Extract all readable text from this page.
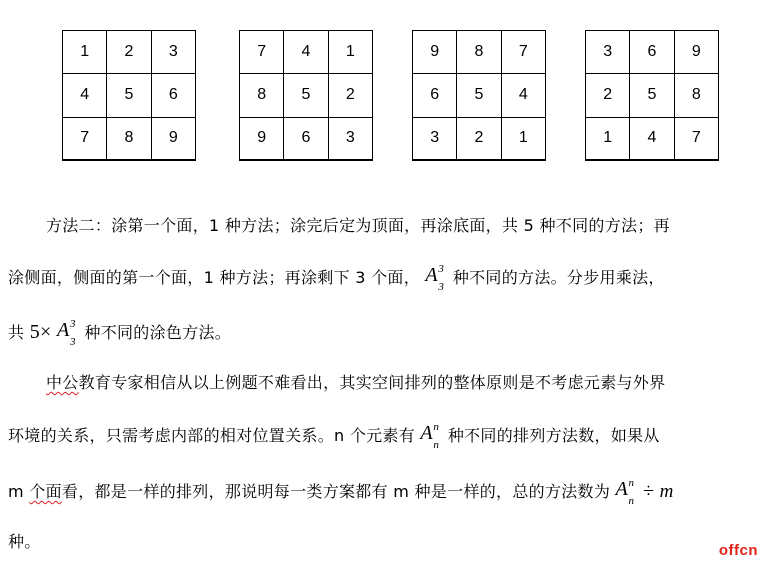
1	2	3
4	5	6
7	8	9
7	4	1
8	5	2
9	6	3
9	8	7
6	5	4
3	2	1
3	6	9
2	5	8
1	4	7
方法二：涂第一个面，1 种方法；涂完后定为顶面，再涂底面，共 5 种不同的方法；再
涂侧面，侧面的第一个面，1 种方法；再涂剩下 3 个面， A 3
3 种不同的方法。分步用乘法，
共 5× A 3
3 种不同的涂色方法。
中公教育专家相信从以上例题不难看出，其实空间排列的整体原则是不考虑元素与外界
环境的关系，只需考虑内部的相对位置关系。n 个元素有 A n
n 种不同的排列方法数，如果从
m 个面看，都是一样的排列，那说明每一类方案都有 m 种是一样的，总的方法数为 A n
n ÷ m
种。	offcn
